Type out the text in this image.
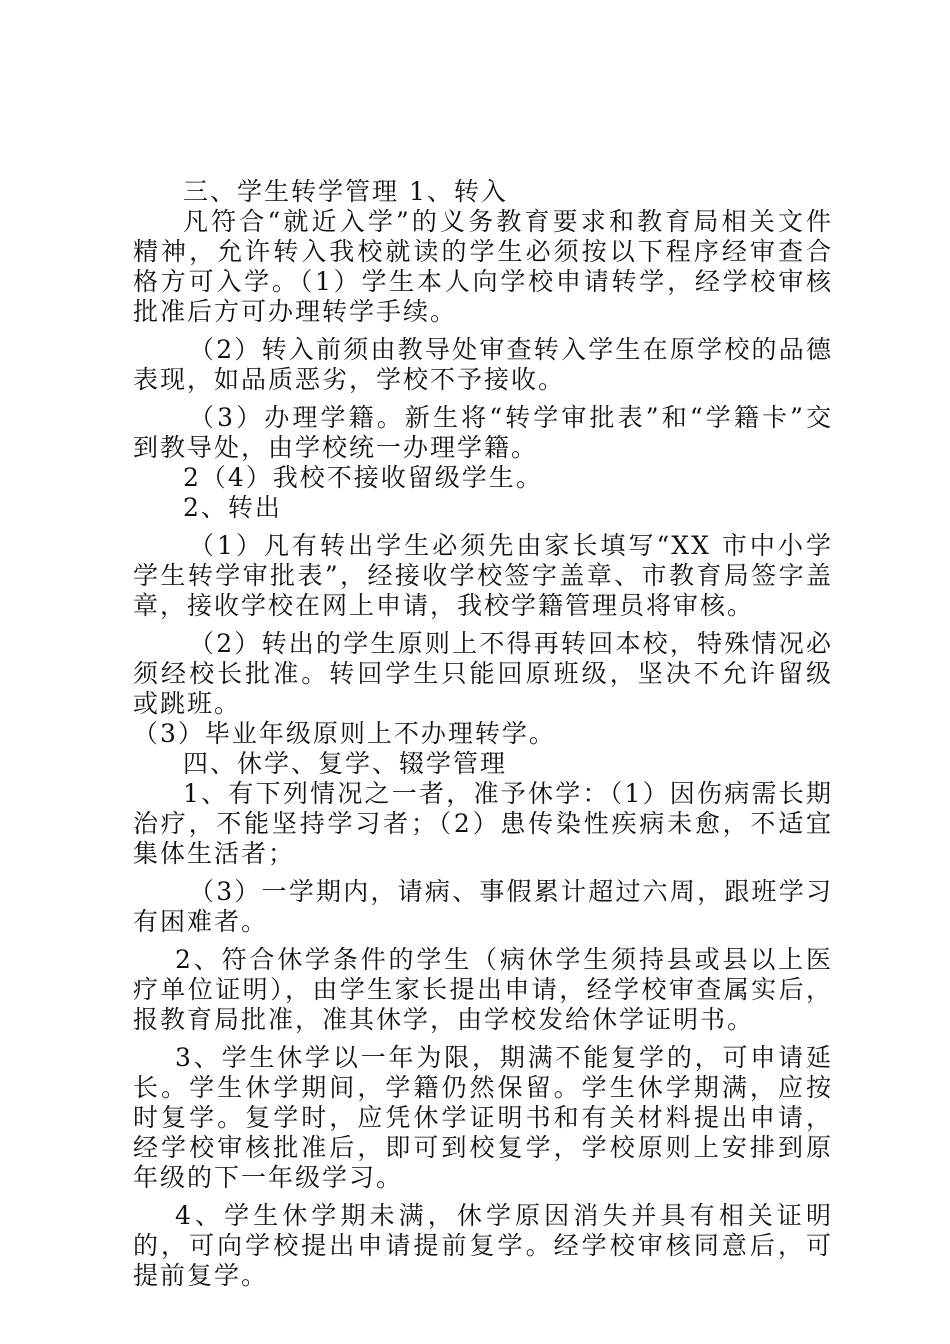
三、学生转学管理 1、转入

凡符合“就近入学”的义务教育要求和教育局相关文件精神，允许转入我校就读的学生必须按以下程序经审查合格方可入学。（1）学生本人向学校申请转学，经学校审核批准后方可办理转学手续。

（2）转入前须由教导处审查转入学生在原学校的品德表现，如品质恶劣，学校不予接收。

（3）办理学籍。新生将“转学审批表”和“学籍卡”交到教导处，由学校统一办理学籍。

2（4）我校不接收留级学生。

2、转出

（1）凡有转出学生必须先由家长填写“XX 市中小学学生转学审批表”，经接收学校签字盖章、市教育局签字盖章，接收学校在网上申请，我校学籍管理员将审核。

（2）转出的学生原则上不得再转回本校，特殊情况必须经校长批准。转回学生只能回原班级，坚决不允许留级或跳班。

（3）毕业年级原则上不办理转学。

四、休学、复学、辍学管理

1、有下列情况之一者，准予休学：（1）因伤病需长期治疗，不能坚持学习者；（2）患传染性疾病未愈，不适宜集体生活者；

（3）一学期内，请病、事假累计超过六周，跟班学习有困难者。

2、符合休学条件的学生（病休学生须持县或县以上医疗单位证明），由学生家长提出申请，经学校审查属实后，报教育局批准，准其休学，由学校发给休学证明书。

3、学生休学以一年为限，期满不能复学的，可申请延长。学生休学期间，学籍仍然保留。学生休学期满，应按时复学。复学时，应凭休学证明书和有关材料提出申请，经学校审核批准后，即可到校复学，学校原则上安排到原年级的下一年级学习。

4、学生休学期未满，休学原因消失并具有相关证明的，可向学校提出申请提前复学。经学校审核同意后，可提前复学。
